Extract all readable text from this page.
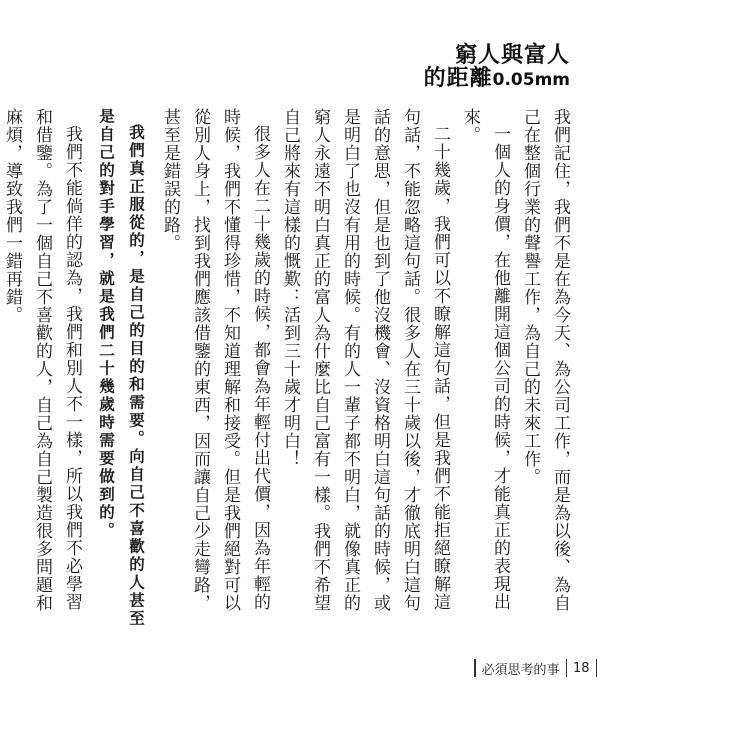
窮人與富人
的距離0.05mm

我們記住，我們不是在為今天、為公司工作，而是為以後、為自己在整個行業的聲譽工作，為自己的未來工作。

一個人的身價，在他離開這個公司的時候，才能真正的表現出來。

二十幾歲，我們可以不瞭解這句話，但是我們不能拒絕瞭解這句話，不能忽略這句話。很多人在三十歲以後，才徹底明白這句話的意思，但是也到了他沒機會、沒資格明白這句話的時候，或是明白了也沒有用的時候。有的人一輩子都不明白，就像真正的窮人永遠不明白真正的富人為什麼比自己富有一樣。我們不希望自己將來有這樣的慨歎：活到三十歲才明白！

很多人在二十幾歲的時候，都會為年輕付出代價，因為年輕的時候，我們不懂得珍惜，不知道理解和接受。但是我們絕對可以從別人身上，找到我們應該借鑒的東西，因而讓自己少走彎路，甚至是錯誤的路。

我們真正服從的，是自己的目的和需要。向自己不喜歡的人甚至是自己的對手學習，就是我們二十幾歲時需要做到的。

我們不能倘佯的認為，我們和別人不一樣，所以我們不必學習和借鑒。為了一個自己不喜歡的人，自己為自己製造很多問題和麻煩，導致我們一錯再錯。

必須思考的事 18
